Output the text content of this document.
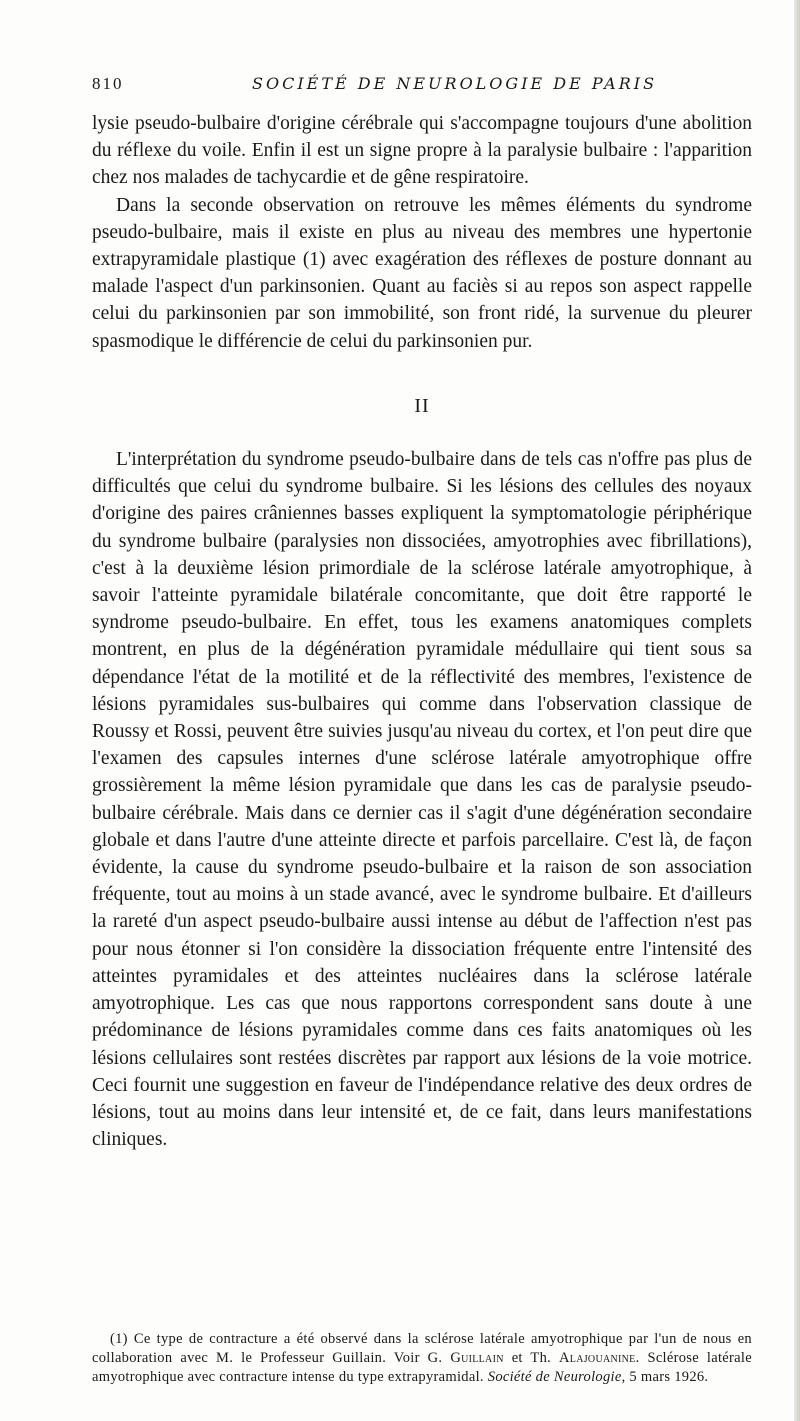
810	SOCIÉTÉ DE NEUROLOGIE DE PARIS

lysie pseudo-bulbaire d'origine cérébrale qui s'accompagne toujours d'une abolition du réflexe du voile. Enfin il est un signe propre à la paralysie bulbaire : l'apparition chez nos malades de tachycardie et de gêne respiratoire.

Dans la seconde observation on retrouve les mêmes éléments du syndrome pseudo-bulbaire, mais il existe en plus au niveau des membres une hypertonie extrapyramidale plastique (1) avec exagération des réflexes de posture donnant au malade l'aspect d'un parkinsonien. Quant au faciès si au repos son aspect rappelle celui du parkinsonien par son immobilité, son front ridé, la survenue du pleurer spasmodique le différencie de celui du parkinsonien pur.

II

L'interprétation du syndrome pseudo-bulbaire dans de tels cas n'offre pas plus de difficultés que celui du syndrome bulbaire. Si les lésions des cellules des noyaux d'origine des paires crâniennes basses expliquent la symptomatologie périphérique du syndrome bulbaire (paralysies non dissociées, amyotrophies avec fibrillations), c'est à la deuxième lésion primordiale de la sclérose latérale amyotrophique, à savoir l'atteinte pyramidale bilatérale concomitante, que doit être rapporté le syndrome pseudo-bulbaire. En effet, tous les examens anatomiques complets montrent, en plus de la dégénération pyramidale médullaire qui tient sous sa dépendance l'état de la motilité et de la réflectivité des membres, l'existence de lésions pyramidales sus-bulbaires qui comme dans l'observation classique de Roussy et Rossi, peuvent être suivies jusqu'au niveau du cortex, et l'on peut dire que l'examen des capsules internes d'une sclérose latérale amyotrophique offre grossièrement la même lésion pyramidale que dans les cas de paralysie pseudo-bulbaire cérébrale. Mais dans ce dernier cas il s'agit d'une dégénération secondaire globale et dans l'autre d'une atteinte directe et parfois parcellaire. C'est là, de façon évidente, la cause du syndrome pseudo-bulbaire et la raison de son association fréquente, tout au moins à un stade avancé, avec le syndrome bulbaire. Et d'ailleurs la rareté d'un aspect pseudo-bulbaire aussi intense au début de l'affection n'est pas pour nous étonner si l'on considère la dissociation fréquente entre l'intensité des atteintes pyramidales et des atteintes nucléaires dans la sclérose latérale amyotrophique. Les cas que nous rapportons correspondent sans doute à une prédominance de lésions pyramidales comme dans ces faits anatomiques où les lésions cellulaires sont restées discrètes par rapport aux lésions de la voie motrice. Ceci fournit une suggestion en faveur de l'indépendance relative des deux ordres de lésions, tout au moins dans leur intensité et, de ce fait, dans leurs manifestations cliniques.

(1) Ce type de contracture a été observé dans la sclérose latérale amyotrophique par l'un de nous en collaboration avec M. le Professeur Guillain. Voir G. Guillain et Th. Alajouanine. Sclérose latérale amyotrophique avec contracture intense du type extrapyramidal. Société de Neurologie, 5 mars 1926.
